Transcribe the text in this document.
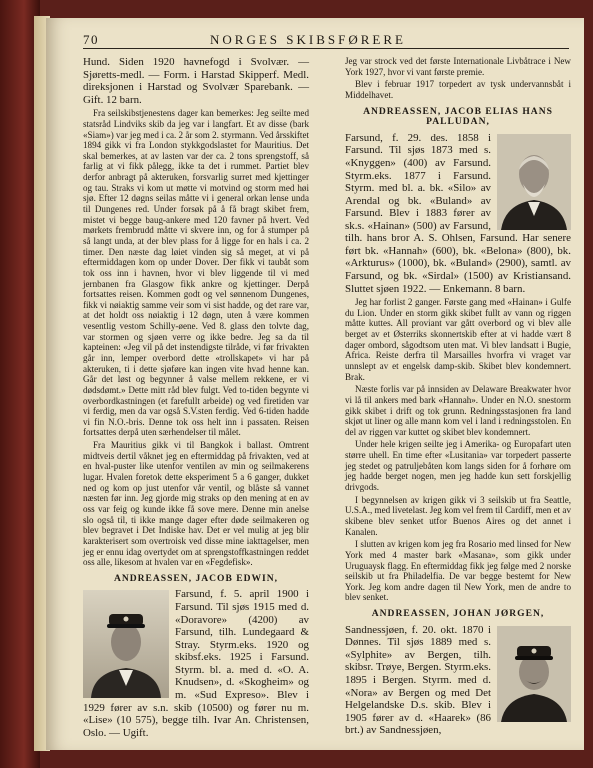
70	NORGES SKIBSFØRERE

Hund. Siden 1920 havnefogd i Svolvær. — Sjøretts-medl. — Form. i Harstad Skipperf. Medl. direksjonen i Harstad og Svolvær Sparebank. — Gift. 12 barn.

Fra seilskibstjenestens dager kan bemerkes: Jeg seilte med statsråd Lindviks skib da jeg var i langfart. Et av disse (bark «Siam») var jeg med i ca. 2 år som 2. styrmann. Ved årsskiftet 1894 gikk vi fra London stykkgodslastet for Mauritius. Det skal bemerkes, at av lasten var der ca. 2 tons sprengstoff, så farlig at vi fikk pålegg, ikke ta det i rummet. Partiet blev derfor anbragt på akteruken, forsvarlig surret med kjettinger og tau. Straks vi kom ut møtte vi motvind og storm med høi sjø. Efter 12 døgns seilas måtte vi i general orkan lense unda til Dungenes red. Under forsøk på å få bragt skibet frem, mistet vi begge baug-ankere med 120 favner på hvert. Ved mørkets frembrudd måtte vi skvere inn, og for å stumper på så langt unda, at der blev plass for å ligge for en hals i ca. 2 timer. Den næste dag løiet vinden sig så meget, at vi på eftermiddagen kom op under Dover. Der fikk vi taubåt som tok oss inn i havnen, hvor vi blev liggende til vi med jernbanen fra Glasgow fikk ankre og kjettinger. Derpå fortsattes reisen. Kommen godt og vel sønnenom Dungenes, fikk vi nøiaktig samme veir som vi sist hadde, og det rare var, at det holdt oss nøiaktig i 12 døgn, uten å være kommen vesentlig vestom Schilly-øene. Ved 8. glass den tolvte dag, var stormen og sjøen verre og ikke bedre. Jeg sa da til kapteinen: «Jeg vil på det instendigste tilråde, vi før frivakten går inn, lemper overbord dette «trollskapet» vi har på akteruken, ti i dette sjøføre kan ingen vite hvad henne kan. Går det løst og begynner å valse mellem rekkene, er vi dødsdømt.» Dette mitt råd blev fulgt. Ved to-tiden begynte vi overbordkastningen (et farefullt arbeide) og ved firetiden var vi ferdig, men da var også S.V.sten ferdig. Ved 6-tiden hadde vi fin N.O.-bris. Denne tok oss helt inn i passaten. Reisen fortsattes derpå uten særhendelser til målet.

Fra Mauritius gikk vi til Bangkok i ballast. Omtrent midtveis dertil våknet jeg en eftermiddag på frivakten, ved at en hval-puster like utenfor ventilen av min og seilmakerens lugar. Hvalen foretok dette eksperiment 5 a 6 ganger, dukket ned og kom op just utenfor vår ventil, og blåste så vannet næsten før inn. Jeg gjorde mig straks op den mening at en av oss var feig og kunde ikke få sove mere. Denne min anelse slo også til, ti ikke mange dager efter døde seilmakeren og blev begravet i Det Indiske hav. Det er vel mulig at jeg blir karakterisert som overtroisk ved disse mine iakttagelser, men jeg er ennu idag overtydet om at sprengstoffkastningen reddet oss alle, likesom at hvalen var en «Fegdefisk».

ANDREASSEN, JACOB EDWIN,

Farsund, f. 5. april 1900 i Farsund. Til sjøs 1915 med d. «Doravore» (4200) av Farsund, tilh. Lundegaard & Stray. Styrm.eks. 1920 og skibsf.eks. 1925 i Farsund. Styrm. bl. a. med d. «O. A. Knudsen», d. «Skogheim» og m. «Sud Expreso». Blev i 1929 fører av s.n. skib (10500) og fører nu m. «Lise» (10 575), begge tilh. Ivar An. Christensen, Oslo. — Ugift.

Jeg var strock ved det første Internationale Livbåtrace i New York 1927, hvor vi vant første premie.

Blev i februar 1917 torpedert av tysk undervannsbåt i Middelhavet.

ANDREASSEN, JACOB ELIAS HANS PALLUDAN,

Farsund, f. 29. des. 1858 i Farsund. Til sjøs 1873 med s. «Knyggen» (400) av Farsund. Styrm.eks. 1877 i Farsund. Styrm. med bl. a. bk. «Silo» av Arendal og bk. «Buland» av Farsund. Blev i 1883 fører av sk.s. «Hainan» (500) av Farsund, tilh. hans bror A. S. Ohlsen, Farsund. Har senere ført bk. «Hannah» (600), bk. «Belona» (800), bk. «Arkturus» (1000), bk. «Buland» (2900), samtl. av Farsund, og bk. «Sirdal» (1500) av Kristiansand. Sluttet sjøen 1922. — Enkemann. 8 barn.

Jeg har forlist 2 ganger. Første gang med «Hainan» i Gulfe du Lion. Under en storm gikk skibet fullt av vann og riggen måtte kuttes. All proviant var gått overbord og vi blev alle berget av et Østerriks skonnertskib efter at vi hadde vært 8 dager ombord, sågodtsom uten mat. Vi blev landsatt i Bugie, Africa. Reiste derfra til Marsailles hvorfra vi vraget var unnslept av et engelsk damp-skib. Skibet blev kondemnert. Brak.

Næste forlis var på innsiden av Delaware Breakwater hvor vi lå til ankers med bark «Hannah». Under en N.O. snestorm gikk skibet i drift og tok grunn. Redningsstasjonen fra land skjøt ut liner og alle mann kom vel i land i redningsstolen. En del av riggen var kuttet og skibet blev kondemnert.

Under hele krigen seilte jeg i Amerika- og Europafart uten større uhell. En time efter «Lusitania» var torpedert passerte jeg stedet og patruljebåten kom langs siden for å forhøre om jeg hadde berget nogen, men jeg hadde kun sett forskjellig drivgods.

I begynnelsen av krigen gikk vi 3 seilskib ut fra Seattle, U.S.A., med livetelast. Jeg kom vel frem til Cardiff, men et av skibene blev senket utfor Buenos Aires og det annet i Kanalen.

I slutten av krigen kom jeg fra Rosario med linsed for New York med 4 master bark «Masana», som gikk under Uruguaysk flagg. En eftermiddag fikk jeg følge med 2 norske seilskib ut fra Philadelfia. De var begge bestemt for New York. Jeg kom andre dagen til New York, men de andre to blev senket.

ANDREASSEN, JOHAN JØRGEN,

Sandnessjøen, f. 20. okt. 1870 i Dønnes. Til sjøs 1889 med s. «Sylphite» av Bergen, tilh. skibsr. Trøye, Bergen. Styrm.eks. 1895 i Bergen. Styrm. med d. «Nora» av Bergen og med Det Helgelandske D.s. skib. Blev i 1905 fører av d. «Haarek» (86 brt.) av Sandnessjøen,
